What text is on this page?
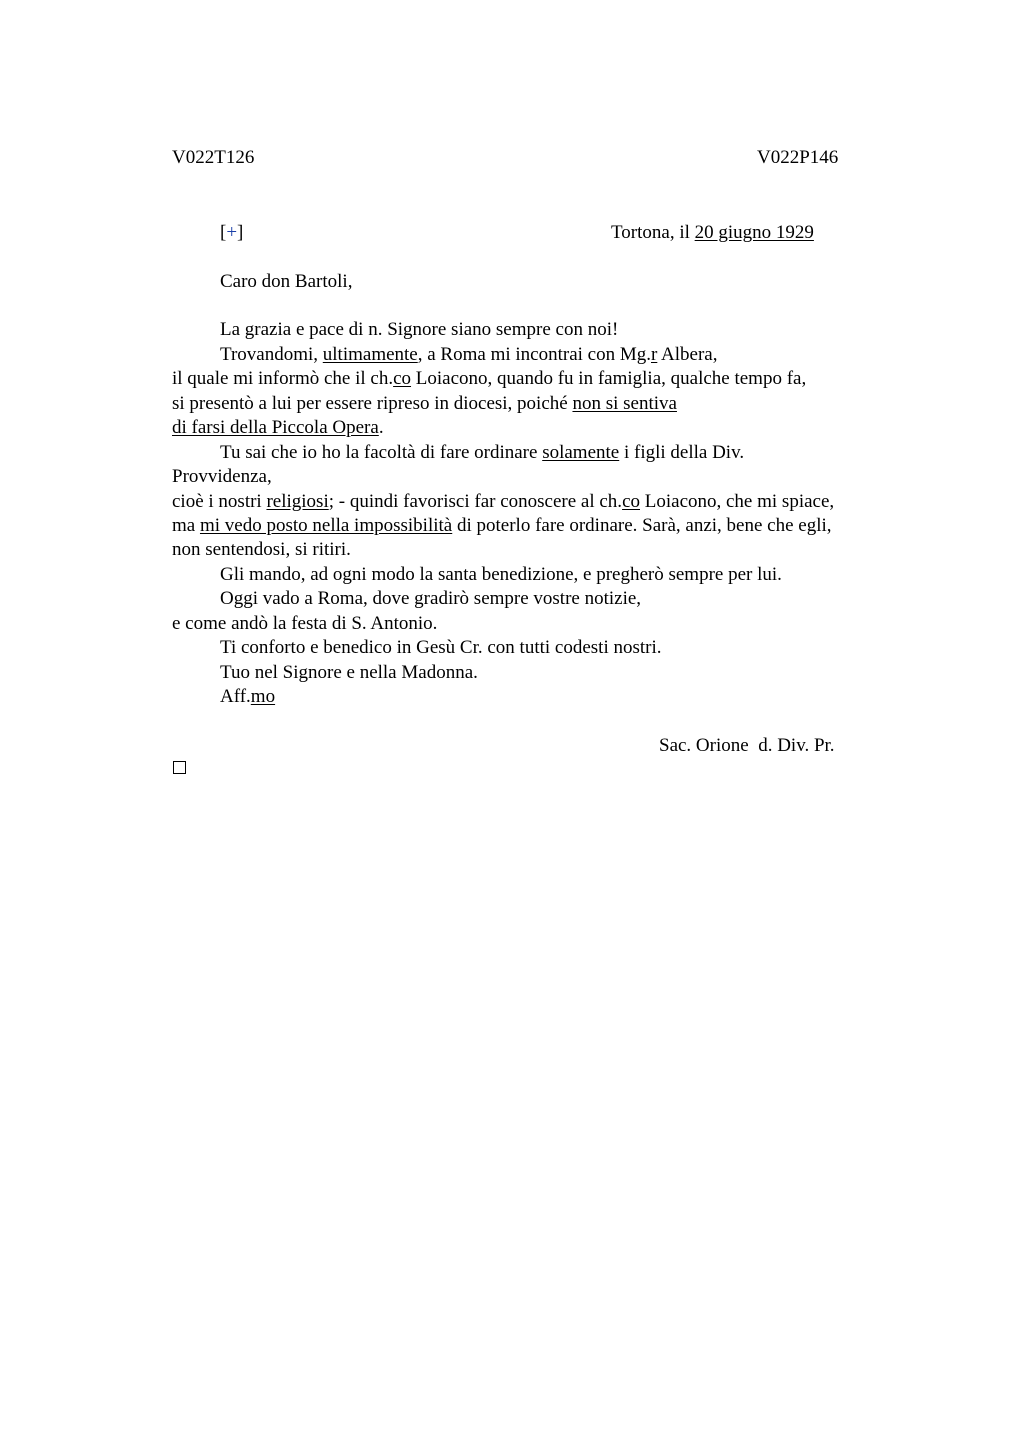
V022T126	V022P146
[+]	Tortona, il 20 giugno 1929
Caro don Bartoli,
La grazia e pace di n. Signore siano sempre con noi!
Trovandomi, ultimamente, a Roma mi incontrai con Mg.r Albera,
il quale mi informò che il ch.co Loiacono, quando fu in famiglia, qualche tempo fa,
si presentò a lui per essere ripreso in diocesi, poiché non si sentiva
di farsi della Piccola Opera.
Tu sai che io ho la facoltà di fare ordinare solamente i figli della Div.
Provvidenza,
cioè i nostri religiosi; - quindi favorisci far conoscere al ch.co Loiacono, che mi spiace,
ma mi vedo posto nella impossibilità di poterlo fare ordinare. Sarà, anzi, bene che egli,
non sentendosi, si ritiri.
Gli mando, ad ogni modo la santa benedizione, e pregherò sempre per lui.
Oggi vado a Roma, dove gradirò sempre vostre notizie,
e come andò la festa di S. Antonio.
Ti conforto e benedico in Gesù Cr. con tutti codesti nostri.
Tuo nel Signore e nella Madonna.
Aff.mo
Sac. Orione  d. Div. Pr.
